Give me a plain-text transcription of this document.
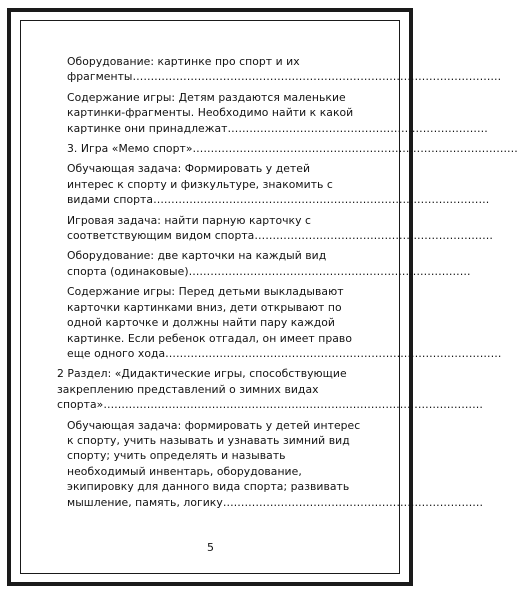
Оборудование: картинке про спорт и их
фрагменты…………………………………………………………………………………………
Содержание игры: Детям раздаются маленькие
картинки-фрагменты. Необходимо найти к какой
картинке они принадлежат………………………………………………………………
3. Игра «Мемо спорт»………………………………………………………………………………
Обучающая задача: Формировать у детей
интерес к спорту и физкультуре, знакомить с
видами спорта…………………………………………………………………………………
Игровая задача: найти парную карточку с
соответствующим видом спорта…………………………………………………………
Оборудование: две карточки на каждый вид
спорта (одинаковые)……………………………………………………………………
Содержание игры: Перед детьми выкладывают
карточки картинками вниз, дети открывают по
одной карточке и должны найти пару каждой
картинке. Если ребенок отгадал, он имеет право
еще одного хода…………………………………………………………………………………
2 Раздел: «Дидактические игры, способствующие
закреплению представлений о зимних видах
спорта»……………………………………………………………………………………………
Обучающая задача: формировать у детей интерес
к спорту, учить называть и узнавать зимний вид
спорту; учить определять и называть
необходимый инвентарь, оборудование,
экипировку для данного вида спорта; развивать
мышление, память, логику………………………………………………………………
5
